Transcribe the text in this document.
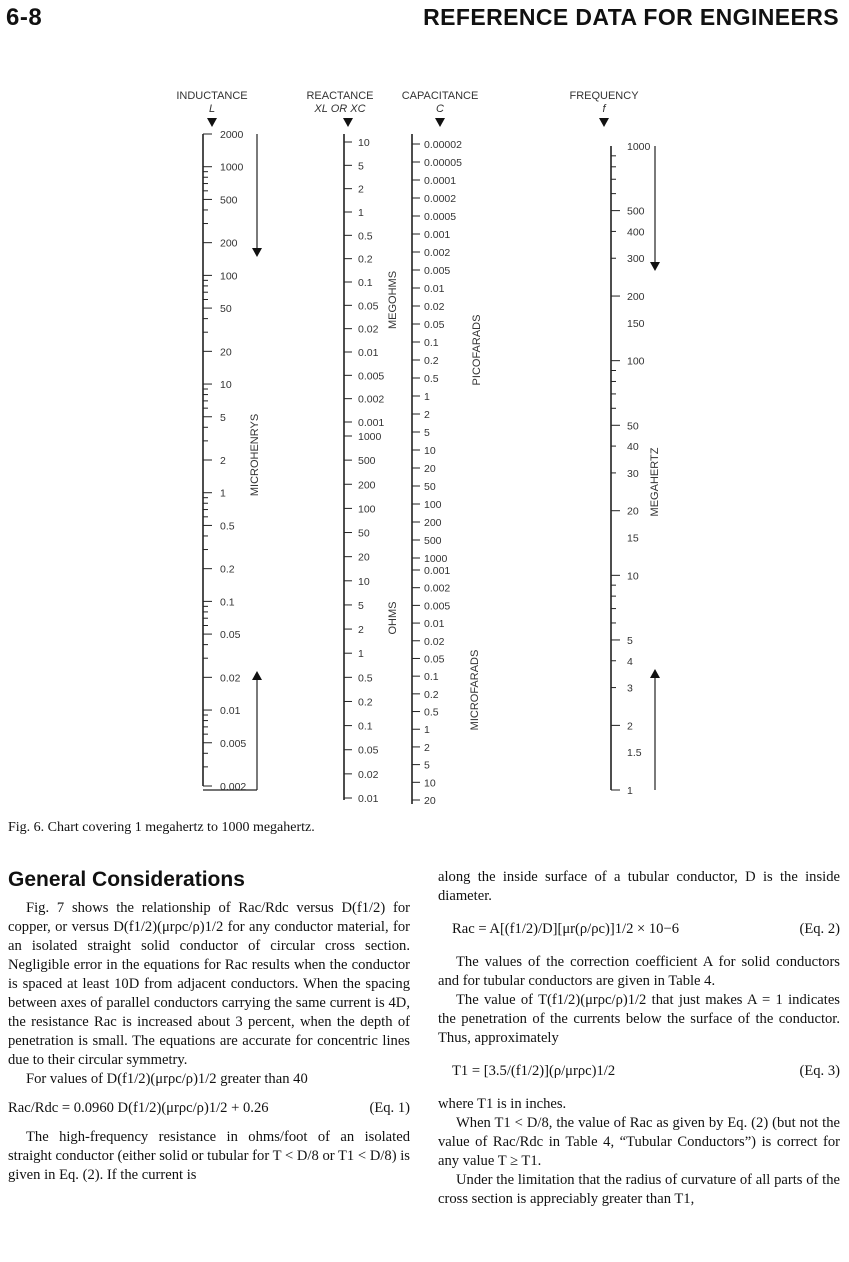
6-8	REFERENCE DATA FOR ENGINEERS
INDUCTANCE
L
REACTANCE
XL OR XC
CAPACITANCE
C
FREQUENCY
f
2000
1000
500
200
100
50
20
10
5
2
1
0.5
0.2
0.1
0.05
0.02
0.01
0.005
0.002
MICROHENRYS
10
5
2
1
0.5
0.2
0.1
0.05
0.02
0.01
0.005
0.002
0.001
1000
500
200
100
50
20
10
5
2
1
0.5
0.2
0.1
0.05
0.02
0.01
MEGOHMS
OHMS
0.00002
0.00005
0.0001
0.0002
0.0005
0.001
0.002
0.005
0.01
0.02
0.05
0.1
0.2
0.5
1
2
5
10
20
50
100
200
500
1000
0.001
0.002
0.005
0.01
0.02
0.05
0.1
0.2
0.5
1
2
5
10
20
PICOFARADS
MICROFARADS
1000
500
400
300
200
150
100
50
40
30
20
15
10
5
4
3
2
1.5
1
MEGAHERTZ
Fig. 6. Chart covering 1 megahertz to 1000 megahertz.
General Considerations

Fig. 7 shows the relationship of Rac/Rdc versus D(f1/2) for copper, or versus D(f1/2)(μrρc/ρ)1/2 for any conductor material, for an isolated straight solid conductor of circular cross section. Negligible error in the equations for Rac results when the conductor is spaced at least 10D from adjacent conductors. When the spacing between axes of parallel conductors carrying the same current is 4D, the resistance Rac is increased about 3 percent, when the depth of penetration is small. The equations are accurate for concentric lines due to their circular symmetry.

For values of D(f1/2)(μrρc/ρ)1/2 greater than 40

Rac/Rdc = 0.0960 D(f1/2)(μrρc/ρ)1/2 + 0.26	(Eq. 1)

The high-frequency resistance in ohms/foot of an isolated straight conductor (either solid or tubular for T < D/8 or T1 < D/8) is given in Eq. (2). If the current is

along the inside surface of a tubular conductor, D is the inside diameter.

Rac = A[(f1/2)/D][μr(ρ/ρc)]1/2 × 10−6	(Eq. 2)

The values of the correction coefficient A for solid conductors and for tubular conductors are given in Table 4.

The value of T(f1/2)(μrρc/ρ)1/2 that just makes A = 1 indicates the penetration of the currents below the surface of the conductor. Thus, approximately

T1 = [3.5/(f1/2)](ρ/μrρc)1/2	(Eq. 3)

where T1 is in inches.

When T1 < D/8, the value of Rac as given by Eq. (2) (but not the value of Rac/Rdc in Table 4, “Tubular Conductors”) is correct for any value T ≥ T1.

Under the limitation that the radius of curvature of all parts of the cross section is appreciably greater than T1,
